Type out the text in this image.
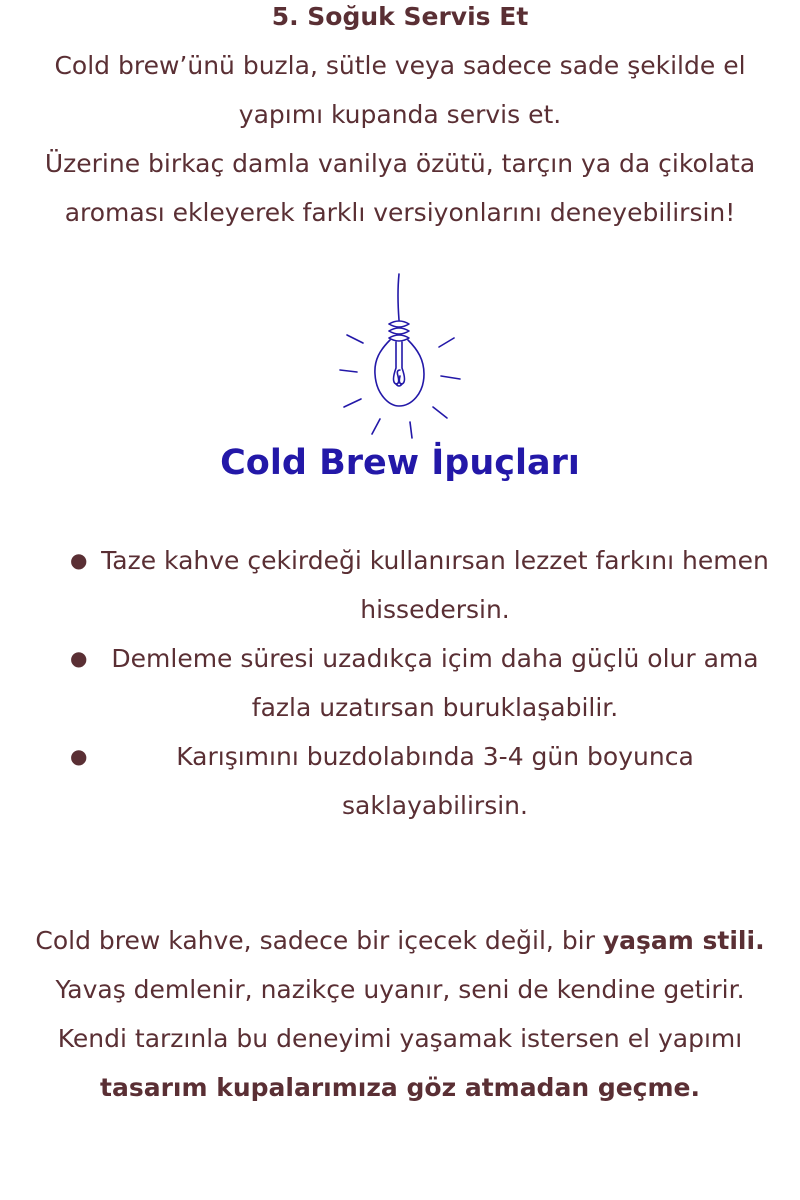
5. Soğuk Servis Et
Cold brew’ünü buzla, sütle veya sadece sade şekilde el yapımı kupanda servis et.
Üzerine birkaç damla vanilya özütü, tarçın ya da çikolata aroması ekleyerek farklı versiyonlarını deneyebilirsin!
Cold Brew İpuçları
● Taze kahve çekirdeği kullanırsan lezzet farkını hemen hissedersin.
● Demleme süresi uzadıkça içim daha güçlü olur ama fazla uzatırsan buruklaşabilir.
●	Karışımını buzdolabında 3-4 gün boyunca saklayabilirsin.
Cold brew kahve, sadece bir içecek değil, bir yaşam stili.
Yavaş demlenir, nazikçe uyanır, seni de kendine getirir.
Kendi tarzınla bu deneyimi yaşamak istersen el yapımı
tasarım kupalarımıza göz atmadan geçme.
